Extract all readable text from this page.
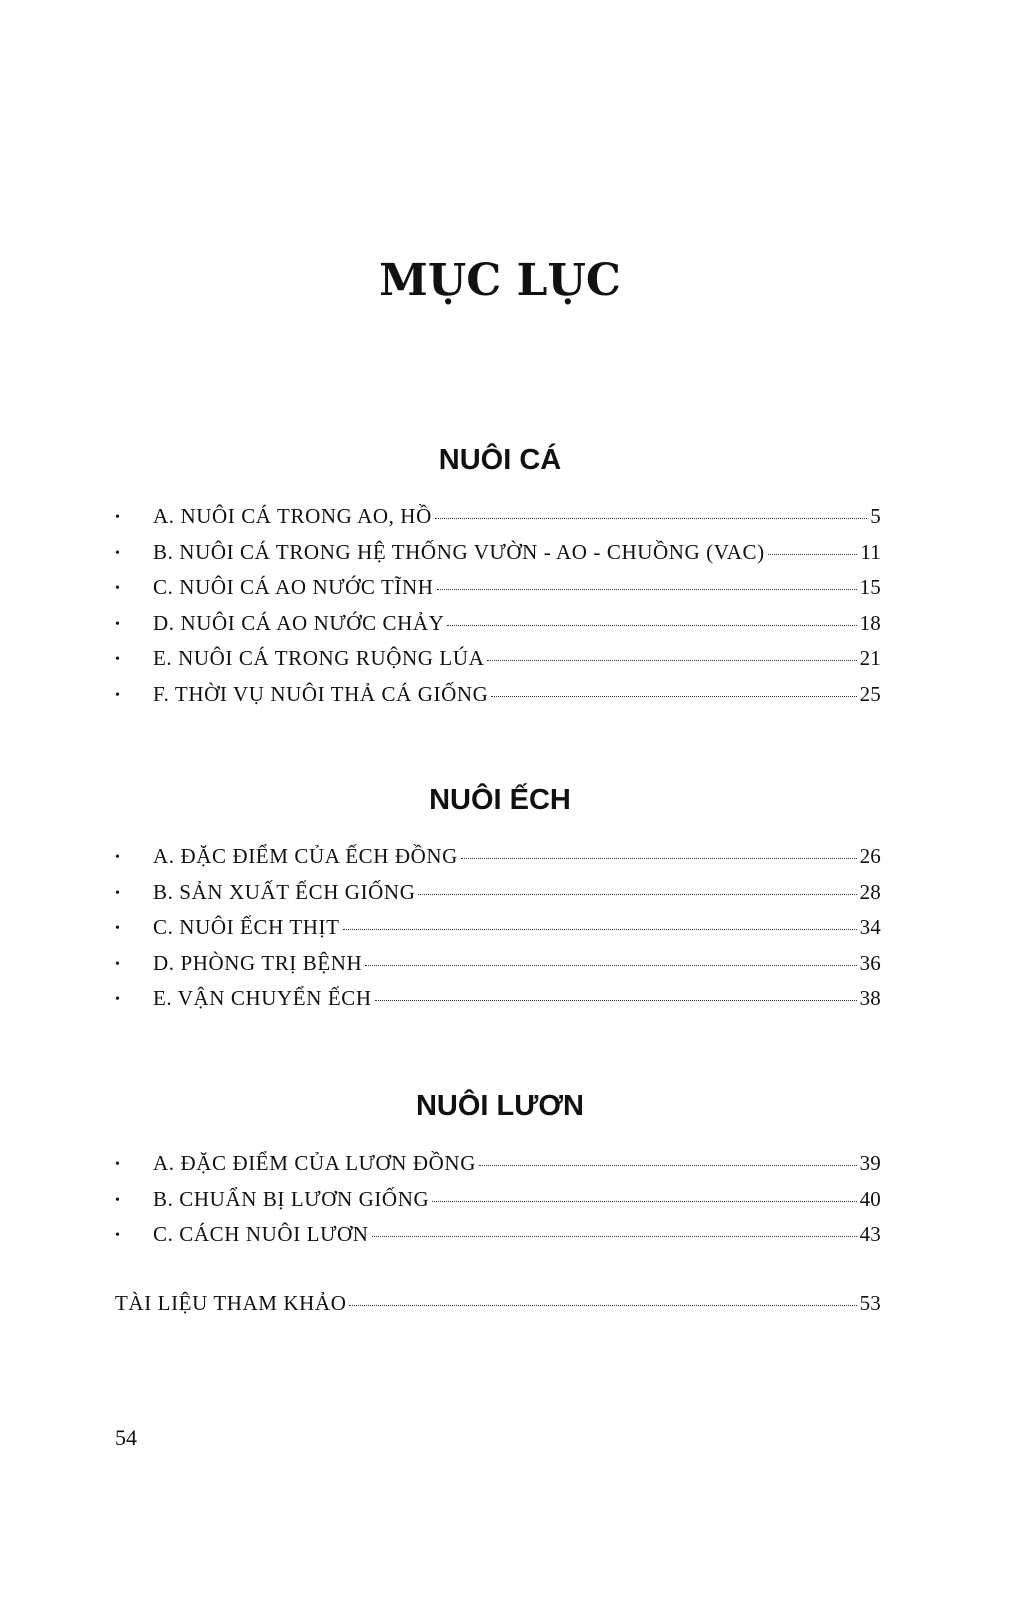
MỤC LỤC
NUÔI CÁ
•	A. NUÔI CÁ TRONG AO, HỒ	5
•	B. NUÔI CÁ TRONG HỆ THỐNG VƯỜN - AO - CHUỒNG (VAC)	11
•	C. NUÔI CÁ AO NƯỚC TĨNH	15
•	D. NUÔI CÁ AO NƯỚC CHẢY	18
•	E. NUÔI CÁ TRONG RUỘNG LÚA	21
•	F. THỜI VỤ NUÔI THẢ CÁ GIỐNG	25
NUÔI ẾCH
•	A. ĐẶC ĐIỂM CỦA ẾCH ĐỒNG	26
•	B. SẢN XUẤT ẾCH GIỐNG	28
•	C. NUÔI ẾCH THỊT	34
•	D. PHÒNG TRỊ BỆNH	36
•	E. VẬN CHUYỂN ẾCH	38
NUÔI LƯƠN
•	A. ĐẶC ĐIỂM CỦA LƯƠN ĐỒNG	39
•	B. CHUẨN BỊ LƯƠN GIỐNG	40
•	C. CÁCH NUÔI LƯƠN	43
TÀI LIỆU THAM KHẢO	53
54
